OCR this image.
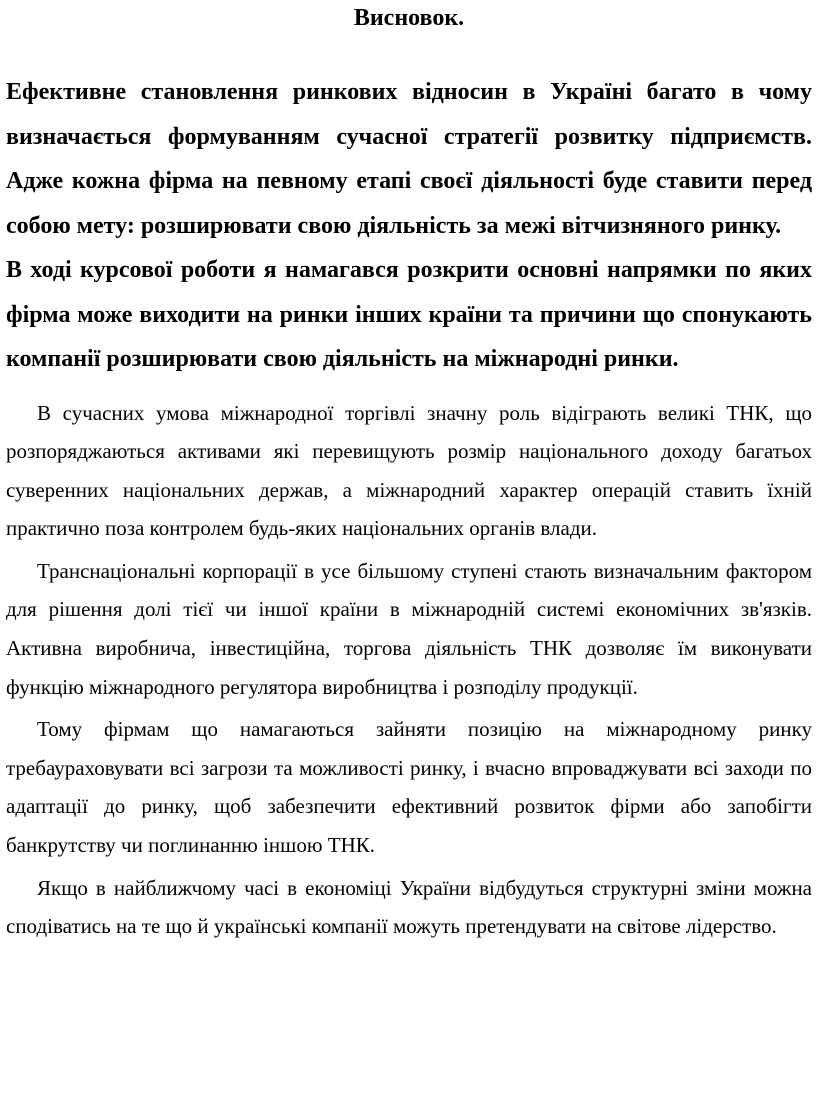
Висновок.

Ефективне становлення ринкових відносин в Україні багато в чому визначається формуванням сучасної стратегії розвитку підприємств. Адже кожна фірма на певному етапі своєї діяльності буде ставити перед собою мету: розширювати свою діяльність за межі вітчизняного ринку.

В ході курсової роботи я намагався розкрити основні напрямки по яких фірма може виходити на ринки інших країни та причини що спонукають компанії розширювати свою діяльність на міжнародні ринки.

В сучасних умова міжнародної торгівлі значну роль відіграють великі ТНК, що розпоряджаються активами які перевищують розмір національного доходу багатьох суверенних національних держав, а міжнародний характер операцій ставить їхній практично поза контролем будь-яких національних органів влади.

Транснаціональні корпорації в усе більшому ступені стають визначальним фактором для рішення долі тієї чи іншої країни в міжнародній системі економічних зв'язків. Активна виробнича, інвестиційна, торгова діяльність ТНК дозволяє їм виконувати функцію міжнародного регулятора виробництва і розподілу продукції.

Тому фірмам що намагаються зайняти позицію на міжнародному ринку требаураховувати всі загрози та можливості ринку, і вчасно впроваджувати всі заходи по адаптації до ринку, щоб забезпечити ефективний розвиток фірми або запобігти банкрутству чи поглинанню іншою ТНК.

Якщо в найближчому часі в економіці України відбудуться структурні зміни можна сподіватись на те що й українські компанії можуть претендувати на світове лідерство.
